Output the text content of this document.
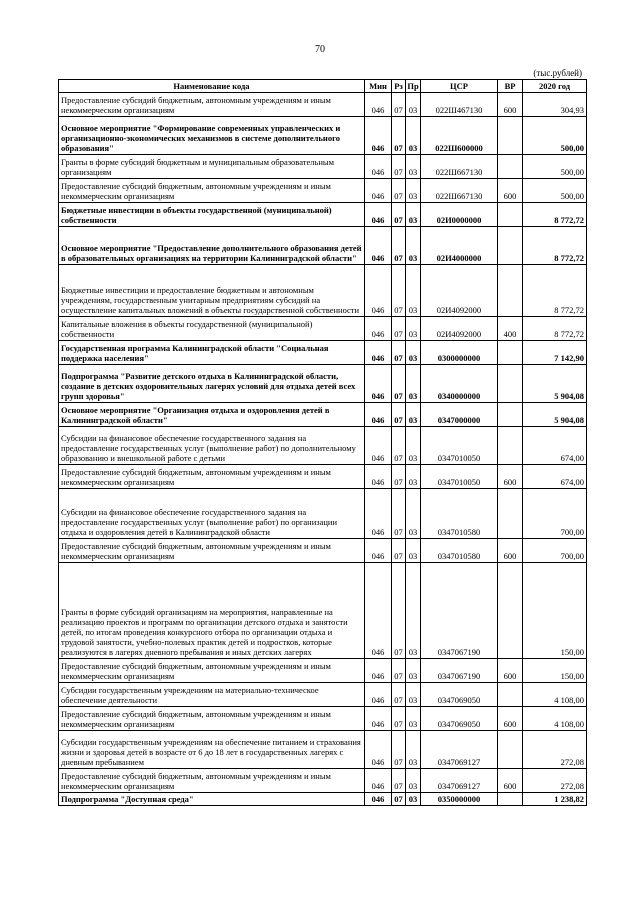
70
(тыс.рублей)
Наименование кода	Мин	Рз	Пр	ЦСР	ВР	2020 год
Предоставление субсидий бюджетным, автономным учреждениям и иным некоммерческим организациям	046	07	03	022Ш467130	600	304,93
Основное мероприятие "Формирование современных управленческих и организационно-экономических механизмов в системе дополнительного образования"	046	07	03	022Ш600000		500,00
Гранты в форме субсидий бюджетным и муниципальным образовательным организациям	046	07	03	022Ш667130		500,00
Предоставление субсидий бюджетным, автономным учреждениям и иным некоммерческим организациям	046	07	03	022Ш667130	600	500,00
Бюджетные инвестиции в объекты государственной (муниципальной) собственности	046	07	03	02И0000000		8 772,72
Основное мероприятие "Предоставление дополнительного образования детей в образовательных организациях на территории Калининградской области"	046	07	03	02И4000000		8 772,72
Бюджетные инвестиции и предоставление бюджетным и автономным учреждениям, государственным унитарным предприятиям субсидий на осуществление капитальных вложений в объекты государственной собственности	046	07	03	02И4092000		8 772,72
Капитальные вложения в объекты государственной (муниципальной) собственности	046	07	03	02И4092000	400	8 772,72
Государственная программа Калининградской области "Социальная поддержка населения"	046	07	03	0300000000		7 142,90
Подпрограмма "Развитие детского отдыха в Калининградской области, создание в детских оздоровительных лагерях условий для отдыха детей всех групп здоровья"	046	07	03	0340000000		5 904,08
Основное мероприятие "Организация отдыха и оздоровления детей в Калининградской области"	046	07	03	0347000000		5 904,08
Субсидии на финансовое обеспечение государственного задания на предоставление государственных услуг (выполнение работ) по дополнительному образованию и внешкольной работе с детьми	046	07	03	0347010050		674,00
Предоставление субсидий бюджетным, автономным учреждениям и иным некоммерческим организациям	046	07	03	0347010050	600	674,00
Субсидии на финансовое обеспечение государственного задания на предоставление государственных услуг (выполнение работ) по организации отдыха и оздоровления детей в Калининградской области	046	07	03	0347010580		700,00
Предоставление субсидий бюджетным, автономным учреждениям и иным некоммерческим организациям	046	07	03	0347010580	600	700,00
Гранты в форме субсидий организациям на мероприятия, направленные на реализацию проектов и программ по организации детского отдыха и занятости детей, по итогам проведения конкурсного отбора по организации отдыха и трудовой занятости, учебно-полевых практик детей и подростков, которые реализуются в лагерях дневного пребывания и иных детских лагерях	046	07	03	0347067190		150,00
Предоставление субсидий бюджетным, автономным учреждениям и иным некоммерческим организациям	046	07	03	0347067190	600	150,00
Субсидии государственным учреждениям на материально-техническое обеспечение деятельности	046	07	03	0347069050		4 108,00
Предоставление субсидий бюджетным, автономным учреждениям и иным некоммерческим организациям	046	07	03	0347069050	600	4 108,00
Субсидии государственным учреждениям на обеспечение питанием и страхования жизни и здоровья детей в возрасте от 6 до 18 лет в государственных лагерях с дневным пребыванием	046	07	03	0347069127		272,08
Предоставление субсидий бюджетным, автономным учреждениям и иным некоммерческим организациям	046	07	03	0347069127	600	272,08
Подпрограмма "Доступная среда"	046	07	03	0350000000		1 238,82
